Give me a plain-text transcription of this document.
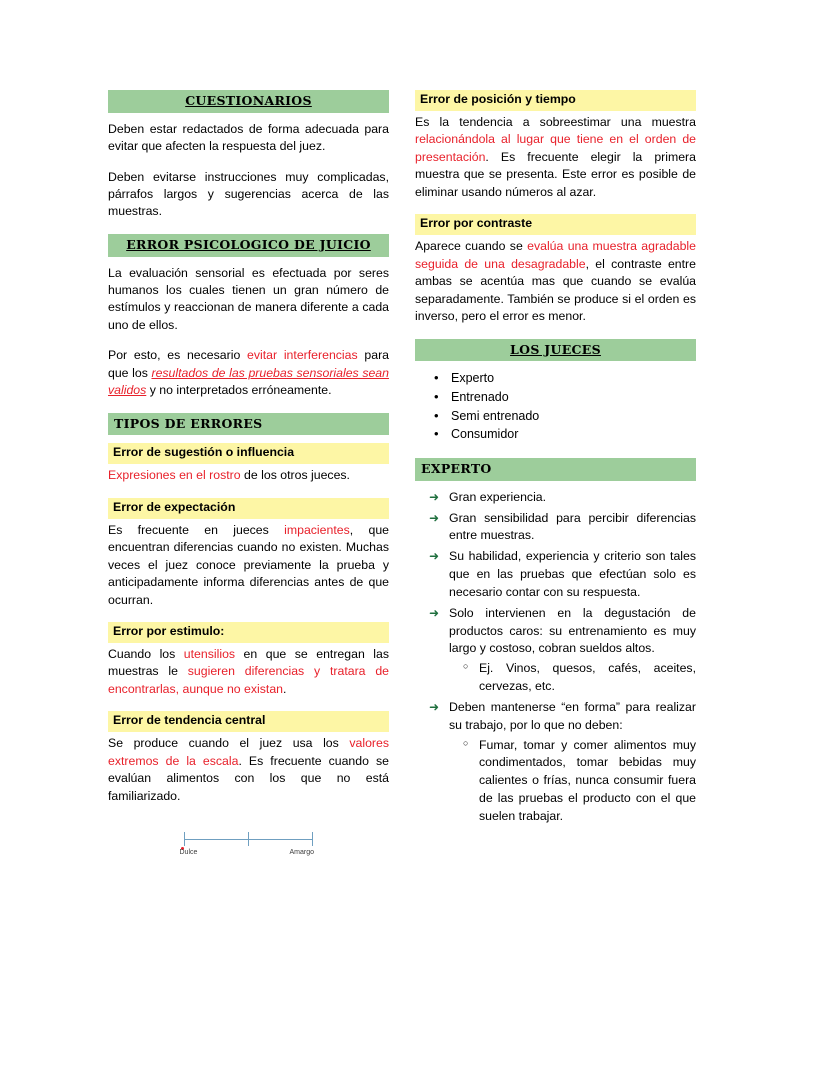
CUESTIONARIOS

Deben estar redactados de forma adecuada para evitar que afecten la respuesta del juez.

Deben evitarse instrucciones muy complicadas, párrafos largos y sugerencias acerca de las muestras.

ERROR PSICOLOGICO DE JUICIO

La evaluación sensorial es efectuada por seres humanos los cuales tienen un gran número de estímulos y reaccionan de manera diferente a cada uno de ellos.

Por esto, es necesario evitar interferencias para que los resultados de las pruebas sensoriales sean validos y no interpretados erróneamente.

TIPOS DE ERRORES
Error de sugestión o influencia

Expresiones en el rostro de los otros jueces.

Error de expectación

Es frecuente en jueces impacientes, que encuentran diferencias cuando no existen. Muchas veces el juez conoce previamente la prueba y anticipadamente informa diferencias antes de que ocurran.

Error por estimulo:

Cuando los utensilios en que se entregan las muestras le sugieren diferencias y tratara de encontrarlas, aunque no existan.

Error de tendencia central

Se produce cuando el juez usa los valores extremos de la escala. Es frecuente cuando se evalúan alimentos con los que no está familiarizado.

Dulce	Amargo
Error de posición y tiempo

Es la tendencia a sobreestimar una muestra relacionándola al lugar que tiene en el orden de presentación. Es frecuente elegir la primera muestra que se presenta. Este error es posible de eliminar usando números al azar.

Error por contraste

Aparece cuando se evalúa una muestra agradable seguida de una desagradable, el contraste entre ambas se acentúa mas que cuando se evalúa separadamente. También se produce si el orden es inverso, pero el error es menor.

LOS JUECES
• Experto
• Entrenado
• Semi entrenado
• Consumidor
EXPERTO
➜ Gran experiencia.
➜ Gran sensibilidad para percibir diferencias entre muestras.
➜ Su habilidad, experiencia y criterio son tales que en las pruebas que efectúan solo es necesario contar con su respuesta.
➜ Solo intervienen en la degustación de productos caros: su entrenamiento es muy largo y costoso, cobran sueldos altos.
○ Ej. Vinos, quesos, cafés, aceites, cervezas, etc.
➜ Deben mantenerse “en forma” para realizar su trabajo, por lo que no deben:
○ Fumar, tomar y comer alimentos muy condimentados, tomar bebidas muy calientes o frías, nunca consumir fuera de las pruebas el producto con el que suelen trabajar.
